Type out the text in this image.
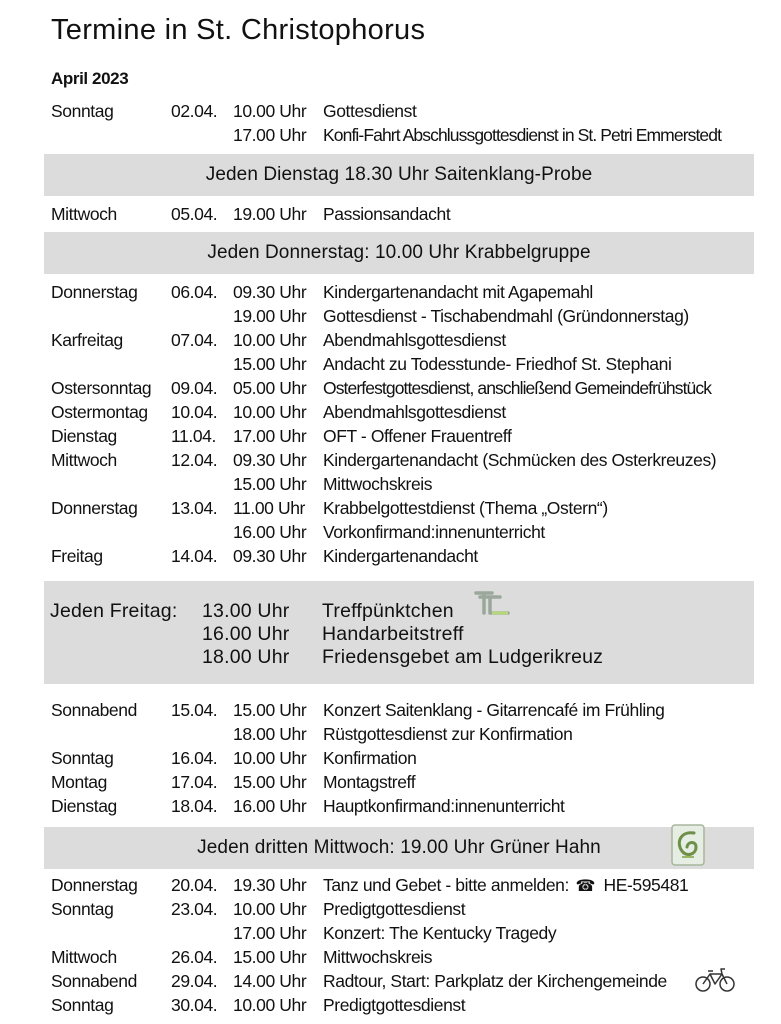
Termine in St. Christophorus
April 2023
Sonntag	02.04. 10.00 Uhr Gottesdienst
17.00 Uhr Konfi-Fahrt Abschlussgottesdienst in St. Petri Emmerstedt
Jeden Dienstag 18.30 Uhr Saitenklang-Probe
Mittwoch	05.04. 19.00 Uhr Passionsandacht
Jeden Donnerstag: 10.00 Uhr Krabbelgruppe
Donnerstag 06.04. 09.30 Uhr Kindergartenandacht mit Agapemahl
19.00 Uhr Gottesdienst - Tischabendmahl (Gründonnerstag)
Karfreitag	07.04. 10.00 Uhr Abendmahlsgottesdienst
15.00 Uhr Andacht zu Todesstunde- Friedhof St. Stephani
Ostersonntag 09.04. 05.00 Uhr Osterfestgottesdienst, anschließend Gemeindefrühstück
Ostermontag 10.04. 10.00 Uhr Abendmahlsgottesdienst
Dienstag	11.04. 17.00 Uhr OFT - Offener Frauentreff
Mittwoch	12.04. 09.30 Uhr Kindergartenandacht (Schmücken des Osterkreuzes)
15.00 Uhr Mittwochskreis
Donnerstag 13.04. 11.00 Uhr Krabbelgottestdienst (Thema „Ostern“)
16.00 Uhr Vorkonfirmand:innenunterricht
Freitag	14.04. 09.30 Uhr Kindergartenandacht
Jeden Freitag: 13.00 Uhr Treffpünktchen
16.00 Uhr Handarbeitstreff
18.00 Uhr Friedensgebet am Ludgerikreuz
Sonnabend 15.04. 15.00 Uhr Konzert Saitenklang - Gitarrencafé im Frühling
18.00 Uhr Rüstgottesdienst zur Konfirmation
Sonntag	16.04. 10.00 Uhr Konfirmation
Montag	17.04. 15.00 Uhr Montagstreff
Dienstag	18.04. 16.00 Uhr Hauptkonfirmand:innenunterricht
Jeden dritten Mittwoch: 19.00 Uhr Grüner Hahn
Donnerstag 20.04. 19.30 Uhr Tanz und Gebet - bitte anmelden: ☎ HE-595481
Sonntag	23.04. 10.00 Uhr Predigtgottesdienst
17.00 Uhr Konzert: The Kentucky Tragedy
Mittwoch	26.04. 15.00 Uhr Mittwochskreis
Sonnabend 29.04. 14.00 Uhr Radtour, Start: Parkplatz der Kirchengemeinde
Sonntag	30.04. 10.00 Uhr Predigtgottesdienst
